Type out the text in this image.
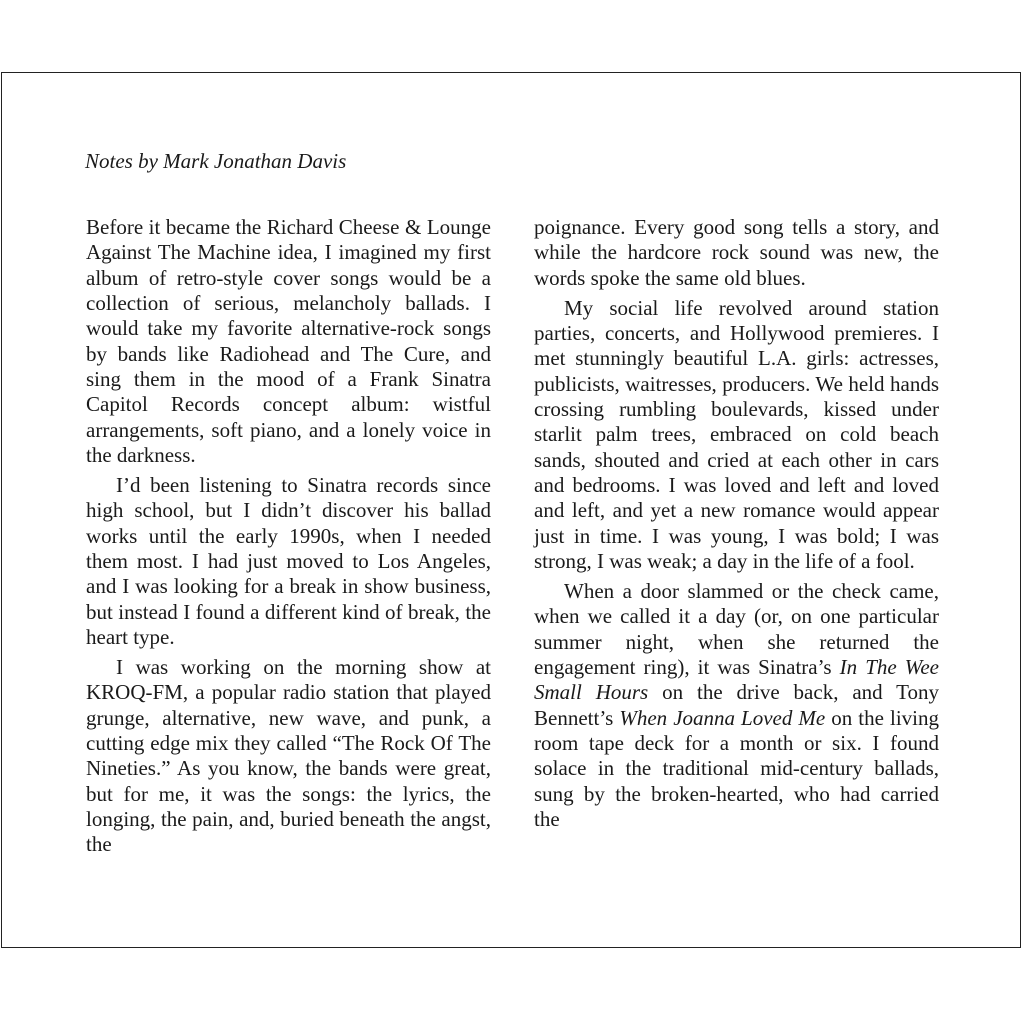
Notes by Mark Jonathan Davis

Before it became the Richard Cheese & Lounge Against The Machine idea, I imagined my first album of retro-style cover songs would be a collection of serious, melancholy ballads. I would take my favorite alternative-rock songs by bands like Radiohead and The Cure, and sing them in the mood of a Frank Sinatra Capitol Records concept album: wistful arrangements, soft piano, and a lonely voice in the darkness.

I’d been listening to Sinatra records since high school, but I didn’t discover his ballad works until the early 1990s, when I needed them most. I had just moved to Los Angeles, and I was looking for a break in show business, but instead I found a different kind of break, the heart type.

I was working on the morning show at KROQ-FM, a popular radio station that played grunge, alternative, new wave, and punk, a cutting edge mix they called “The Rock Of The Nineties.” As you know, the bands were great, but for me, it was the songs: the lyrics, the longing, the pain, and, buried beneath the angst, the

poignance. Every good song tells a story, and while the hardcore rock sound was new, the words spoke the same old blues.

My social life revolved around station parties, concerts, and Hollywood premieres. I met stunningly beautiful L.A. girls: actresses, publicists, waitresses, producers. We held hands crossing rumbling boulevards, kissed under starlit palm trees, embraced on cold beach sands, shouted and cried at each other in cars and bedrooms. I was loved and left and loved and left, and yet a new romance would appear just in time. I was young, I was bold; I was strong, I was weak; a day in the life of a fool.

When a door slammed or the check came, when we called it a day (or, on one particular summer night, when she returned the engagement ring), it was Sinatra’s In The Wee Small Hours on the drive back, and Tony Bennett’s When Joanna Loved Me on the living room tape deck for a month or six. I found solace in the traditional mid-century ballads, sung by the broken-hearted, who had carried the
